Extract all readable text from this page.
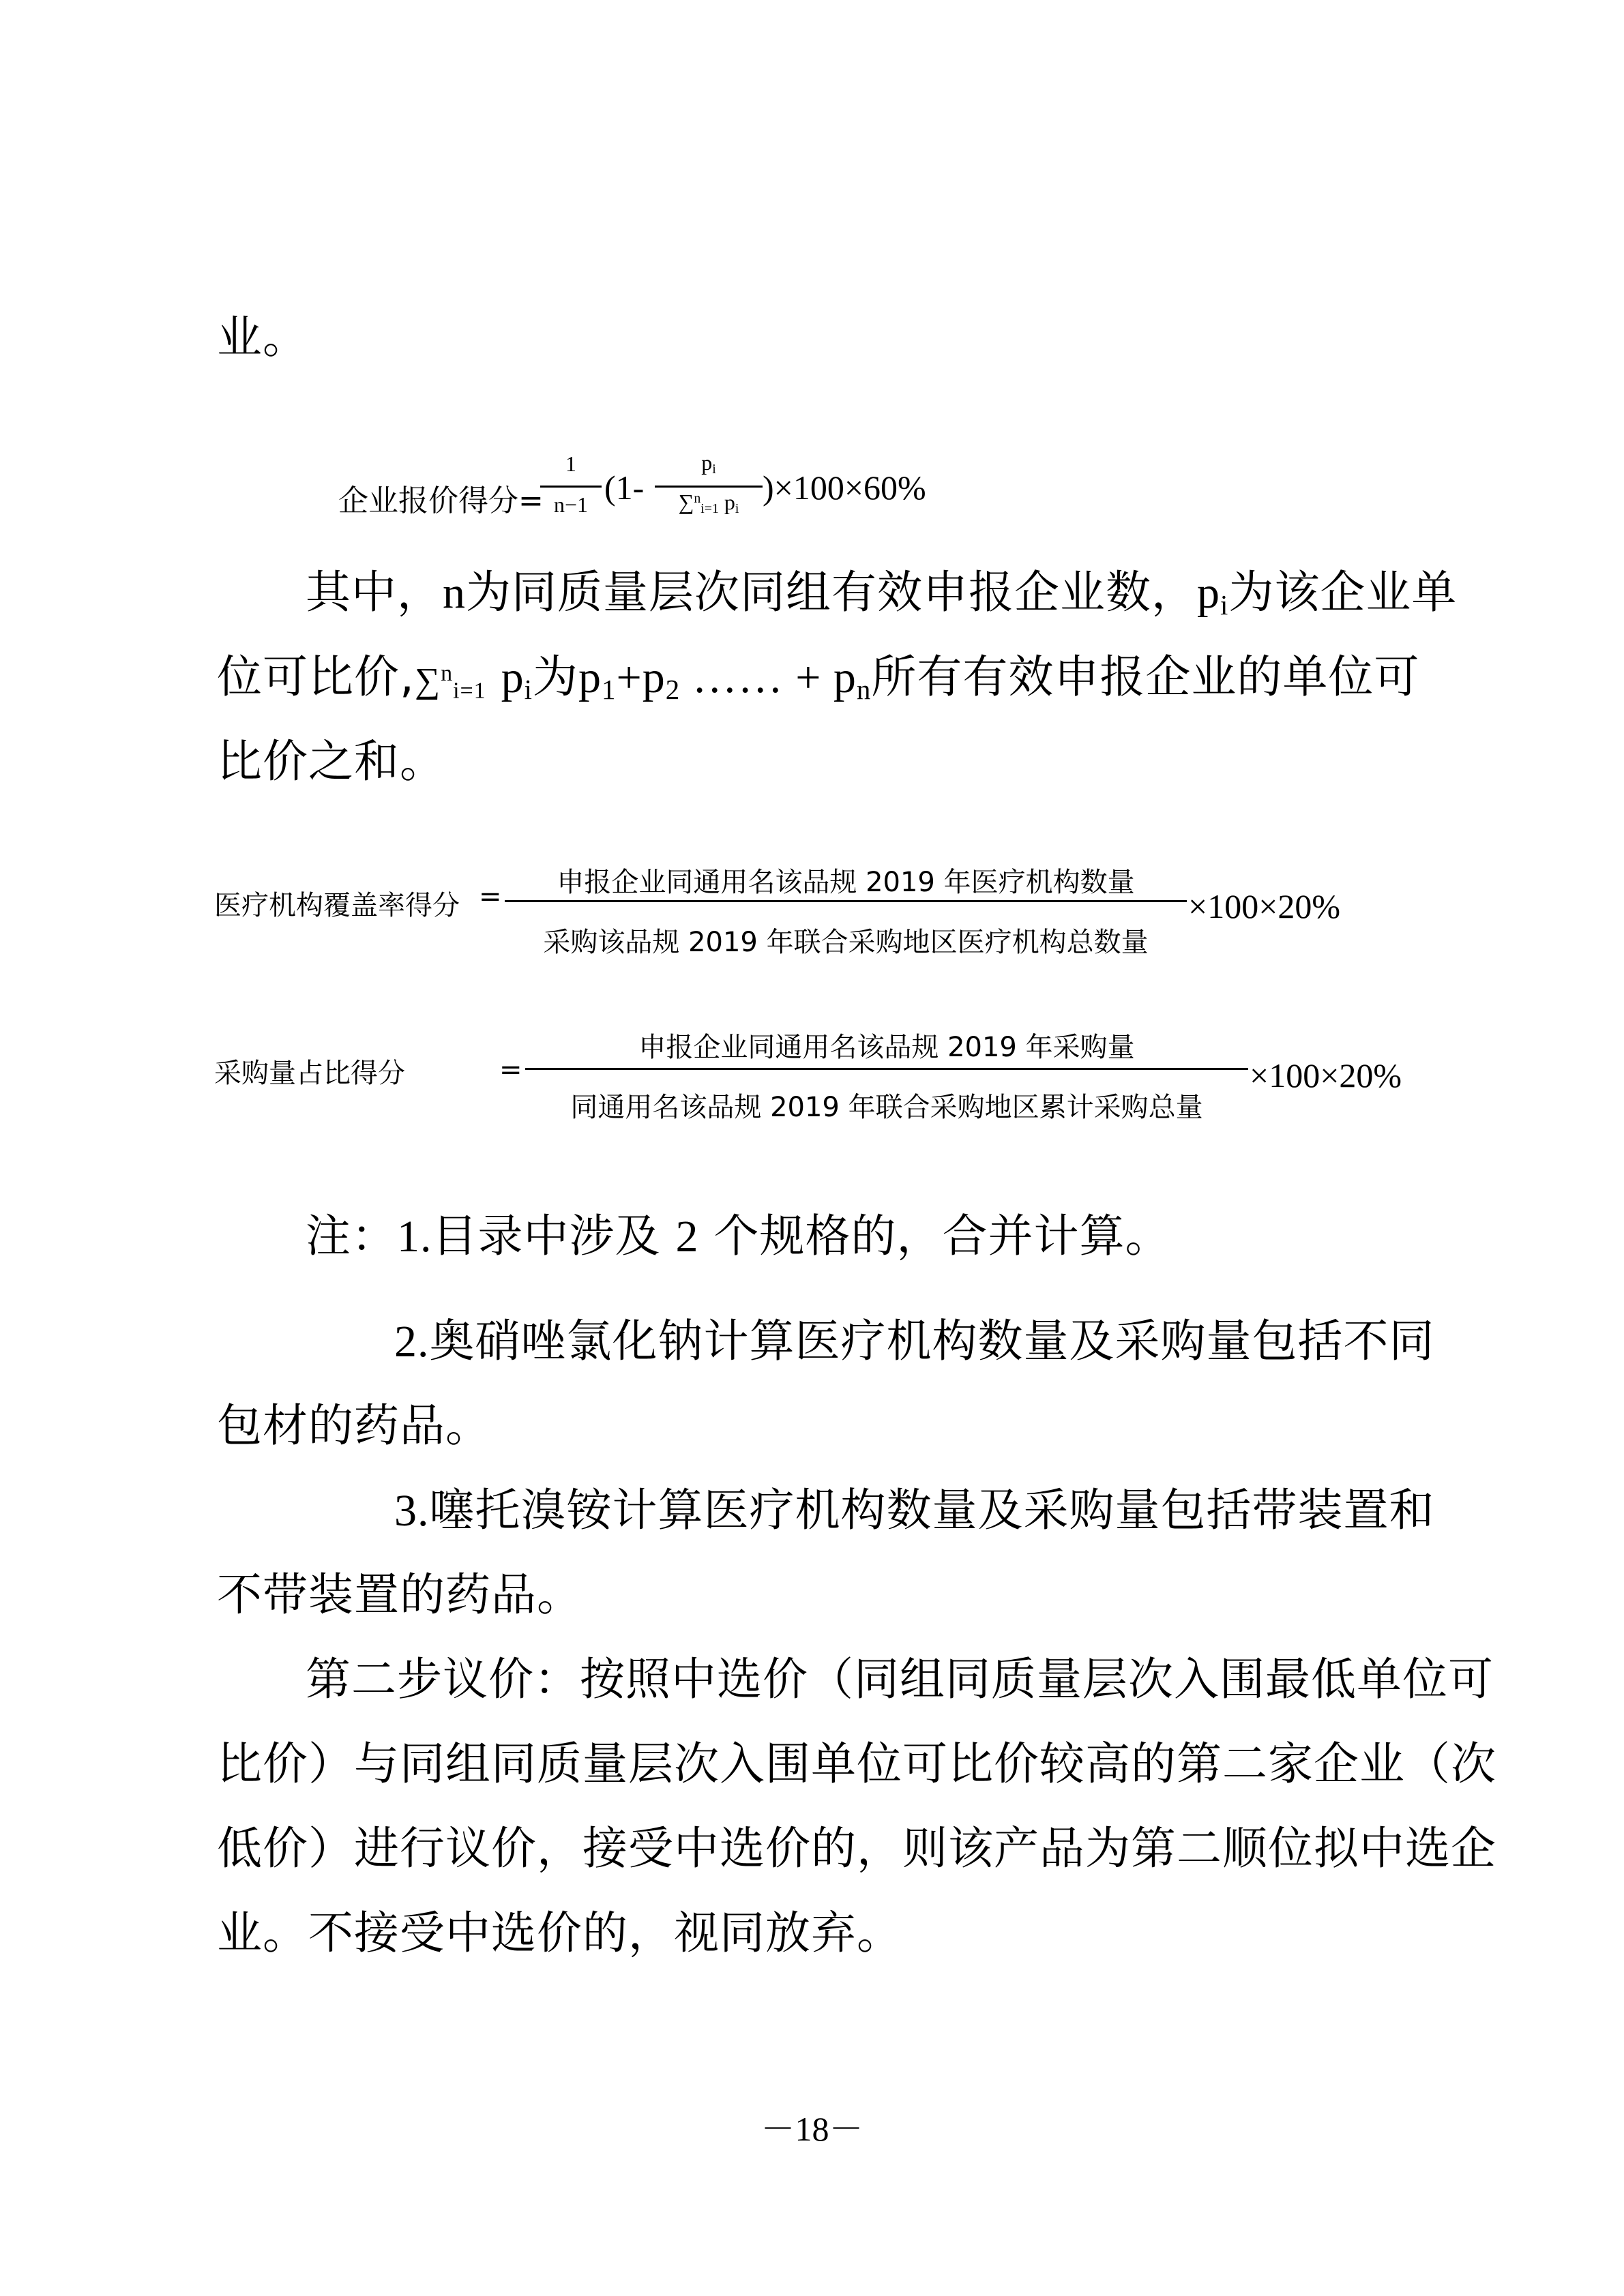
业。
企业报价得分=
1
n−1 (1-
$p_i$
∑$^n_{i=1}$ $p_i$
)×100×60%
其中，n为同质量层次同组有效申报企业数，$p_i$为该企业单
位可比价,∑$^n_{i=1}$ $p_i$为$p_1+p_2$ …… + $p_n$所有有效申报企业的单位可
比价之和。
医疗机构覆盖率得分 =	申报企业同通用名该品规 2019 年医疗机构数量
采购该品规 2019 年联合采购地区医疗机构总数量
×100×20%
采购量占比得分	=
申报企业同通用名该品规 2019 年采购量
同通用名该品规 2019 年联合采购地区累计采购总量
×100×20%
注：1.目录中涉及 2 个规格的，合并计算。
2.奥硝唑氯化钠计算医疗机构数量及采购量包括不同
包材的药品。
3.噻托溴铵计算医疗机构数量及采购量包括带装置和
不带装置的药品。
第二步议价：按照中选价（同组同质量层次入围最低单位可
比价）与同组同质量层次入围单位可比价较高的第二家企业（次
低价）进行议价，接受中选价的，则该产品为第二顺位拟中选企
业。不接受中选价的，视同放弃。
－18－
